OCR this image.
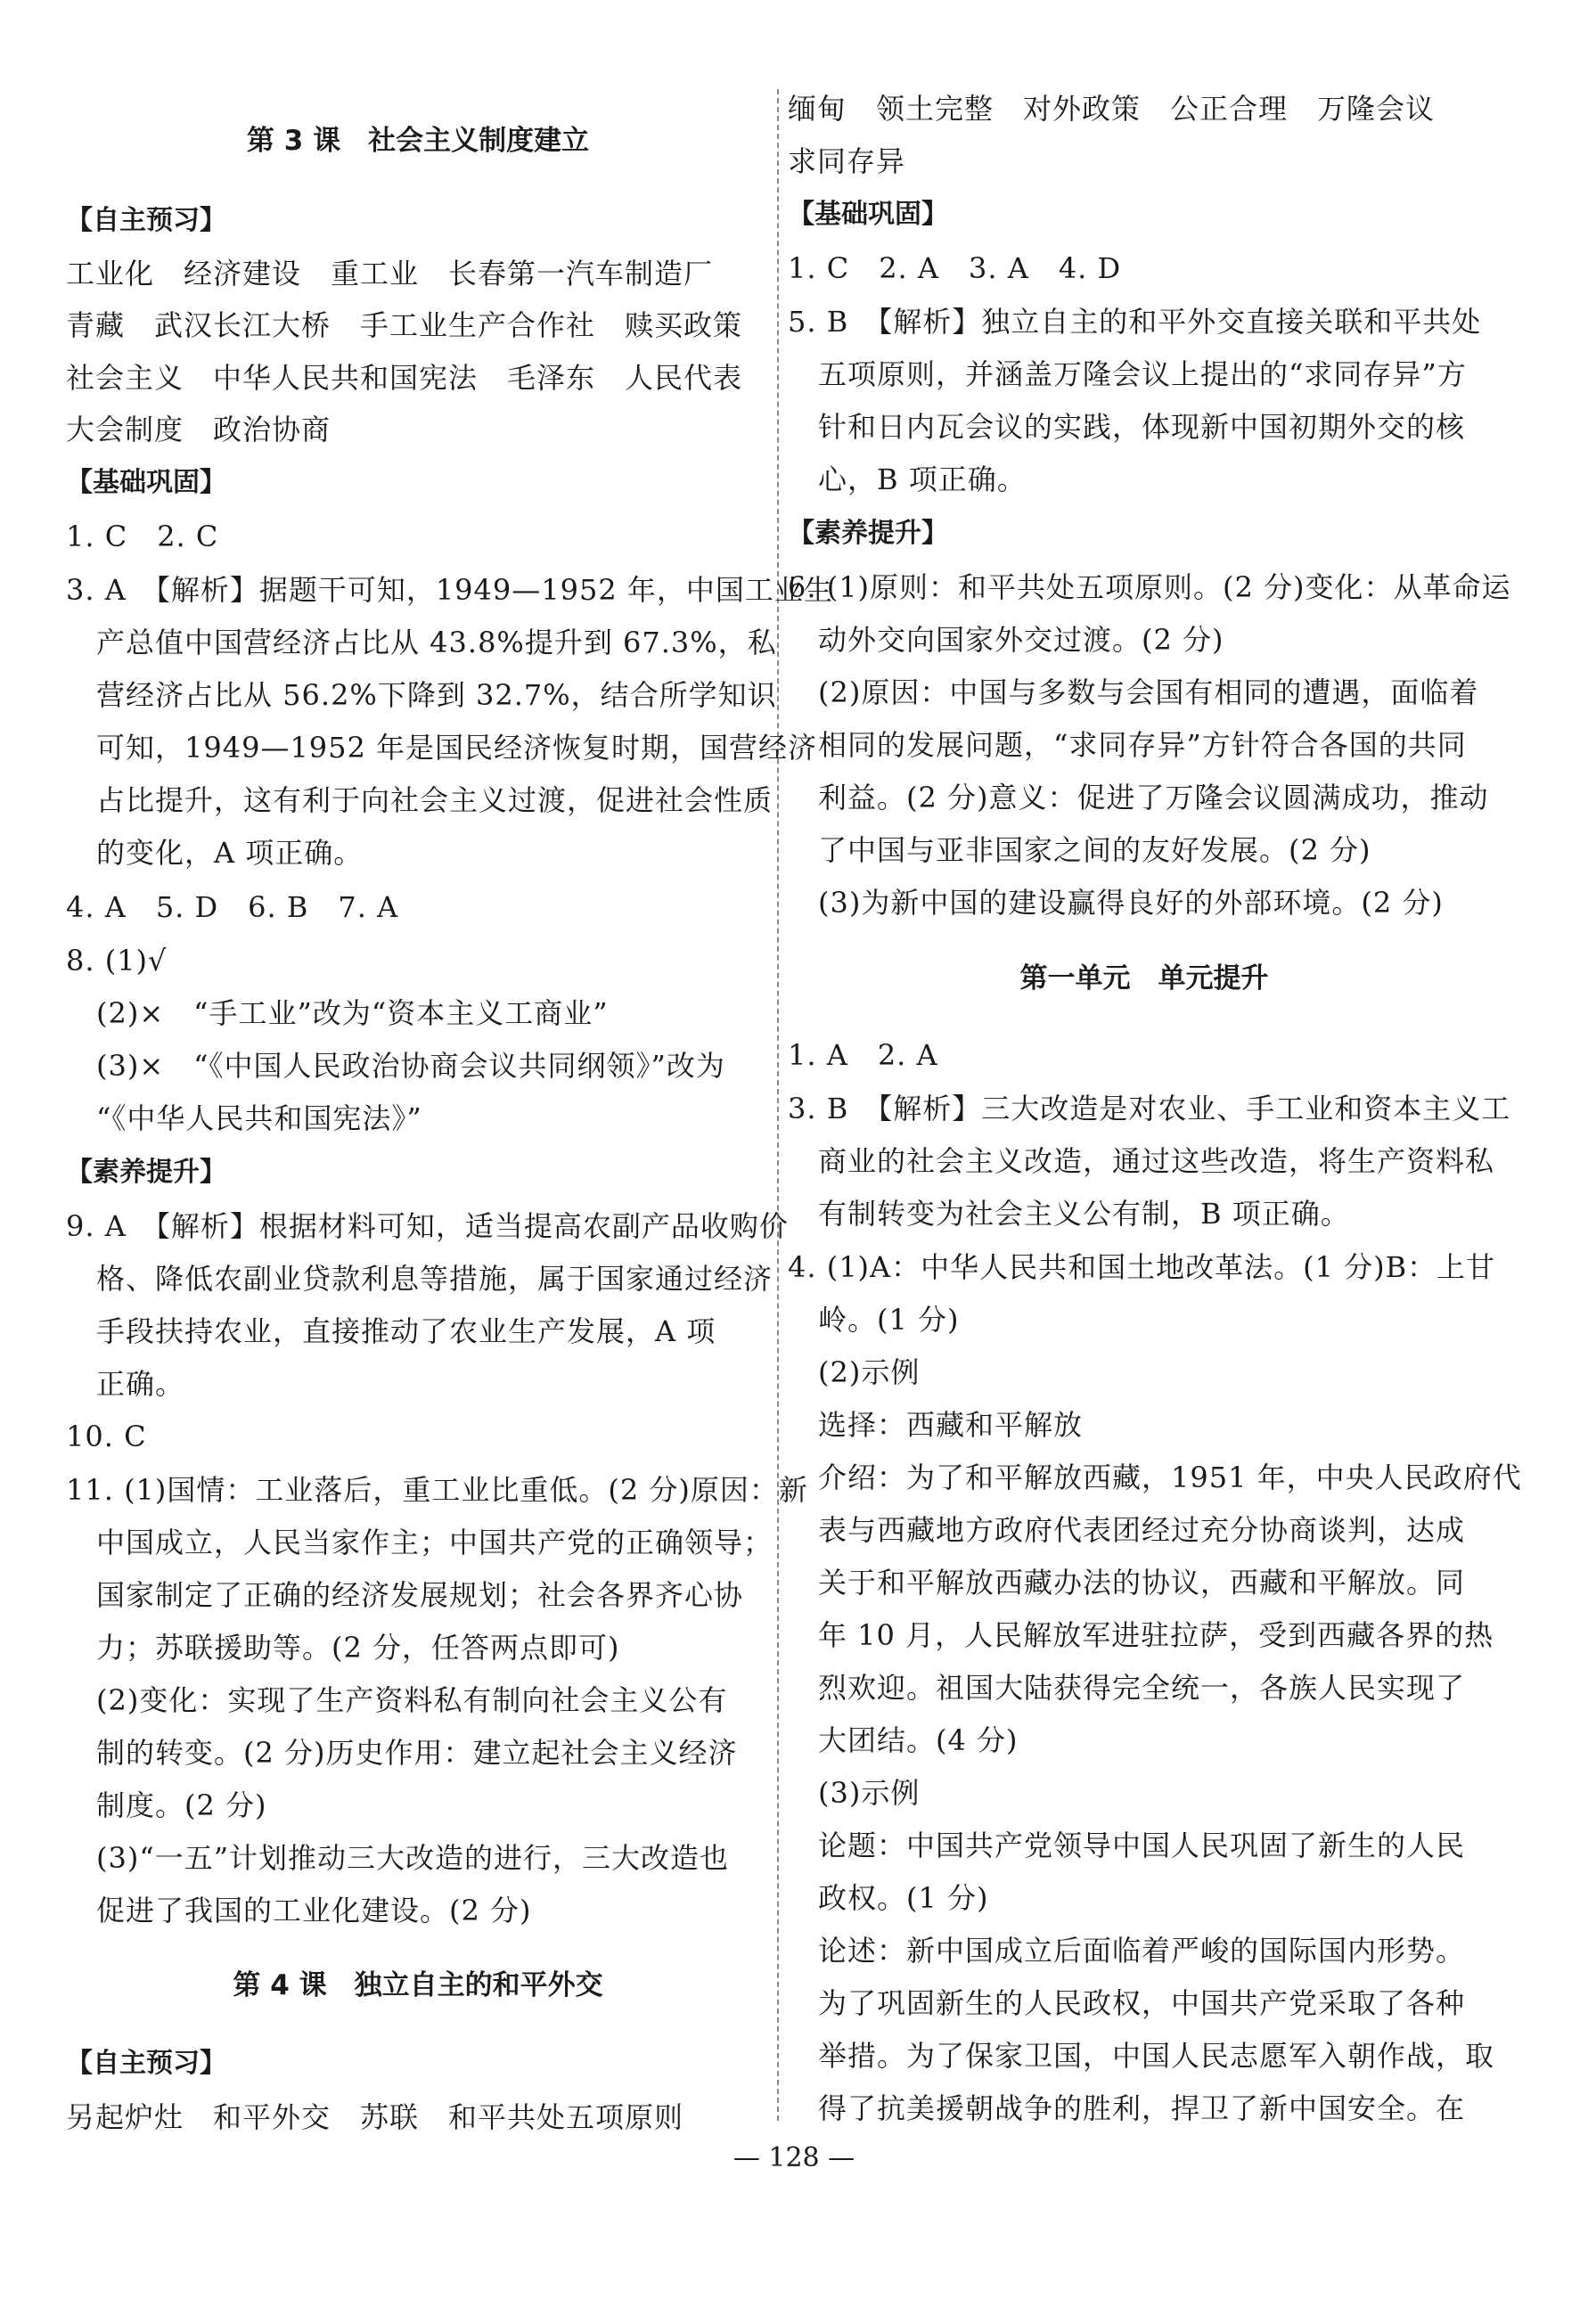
第 3 课　社会主义制度建立
【自主预习】
工业化　经济建设　重工业　长春第一汽车制造厂
青藏　武汉长江大桥　手工业生产合作社　赎买政策
社会主义　中华人民共和国宪法　毛泽东　人民代表
大会制度　政治协商
【基础巩固】
1. C　2. C
3. A　【解析】据题干可知，1949—1952 年，中国工业生
产总值中国营经济占比从 43.8%提升到 67.3%，私
营经济占比从 56.2%下降到 32.7%，结合所学知识
可知，1949—1952 年是国民经济恢复时期，国营经济
占比提升，这有利于向社会主义过渡，促进社会性质
的变化，A 项正确。
4. A　5. D　6. B　7. A
8. (1)√
(2)×　“手工业”改为“资本主义工商业”
(3)×　“《中国人民政治协商会议共同纲领》”改为
“《中华人民共和国宪法》”
【素养提升】
9. A　【解析】根据材料可知，适当提高农副产品收购价
格、降低农副业贷款利息等措施，属于国家通过经济
手段扶持农业，直接推动了农业生产发展，A 项
正确。
10. C
11. (1)国情：工业落后，重工业比重低。(2 分)原因：新
中国成立，人民当家作主；中国共产党的正确领导；
国家制定了正确的经济发展规划；社会各界齐心协
力；苏联援助等。(2 分，任答两点即可)
(2)变化：实现了生产资料私有制向社会主义公有
制的转变。(2 分)历史作用：建立起社会主义经济
制度。(2 分)
(3)“一五”计划推动三大改造的进行，三大改造也
促进了我国的工业化建设。(2 分)
第 4 课　独立自主的和平外交
【自主预习】
另起炉灶　和平外交　苏联　和平共处五项原则
缅甸　领土完整　对外政策　公正合理　万隆会议
求同存异
【基础巩固】
1. C　2. A　3. A　4. D
5. B　【解析】独立自主的和平外交直接关联和平共处
五项原则，并涵盖万隆会议上提出的“求同存异”方
针和日内瓦会议的实践，体现新中国初期外交的核
心，B 项正确。
【素养提升】
6. (1)原则：和平共处五项原则。(2 分)变化：从革命运
动外交向国家外交过渡。(2 分)
(2)原因：中国与多数与会国有相同的遭遇，面临着
相同的发展问题，“求同存异”方针符合各国的共同
利益。(2 分)意义：促进了万隆会议圆满成功，推动
了中国与亚非国家之间的友好发展。(2 分)
(3)为新中国的建设赢得良好的外部环境。(2 分)
第一单元　单元提升
1. A　2. A
3. B　【解析】三大改造是对农业、手工业和资本主义工
商业的社会主义改造，通过这些改造，将生产资料私
有制转变为社会主义公有制，B 项正确。
4. (1)A：中华人民共和国土地改革法。(1 分)B：上甘
岭。(1 分)
(2)示例
选择：西藏和平解放
介绍：为了和平解放西藏，1951 年，中央人民政府代
表与西藏地方政府代表团经过充分协商谈判，达成
关于和平解放西藏办法的协议，西藏和平解放。同
年 10 月，人民解放军进驻拉萨，受到西藏各界的热
烈欢迎。祖国大陆获得完全统一，各族人民实现了
大团结。(4 分)
(3)示例
论题：中国共产党领导中国人民巩固了新生的人民
政权。(1 分)
论述：新中国成立后面临着严峻的国际国内形势。
为了巩固新生的人民政权，中国共产党采取了各种
举措。为了保家卫国，中国人民志愿军入朝作战，取
得了抗美援朝战争的胜利，捍卫了新中国安全。在
— 128 —
